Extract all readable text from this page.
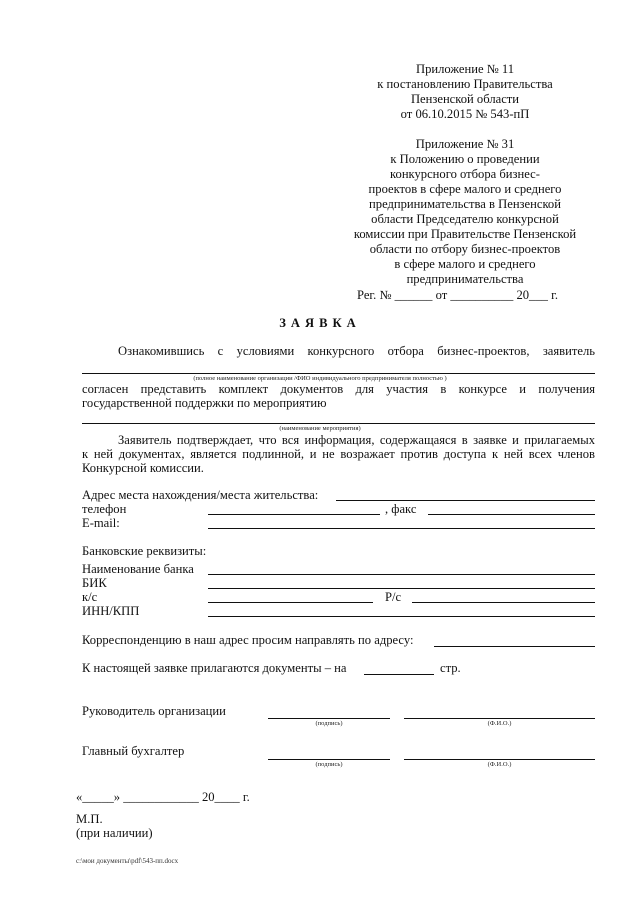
Приложение № 11
к постановлению Правительства
Пензенской области
от 06.10.2015 № 543-пП
Приложение № 31
к Положению о проведении
конкурсного отбора бизнес-
проектов в сфере малого и среднего
предпринимательства в Пензенской
области Председателю конкурсной
комиссии при Правительстве Пензенской
области по отбору бизнес-проектов
в сфере малого и среднего
предпринимательства
Рег. № ______ от __________ 20___ г.
ЗАЯВКА
Ознакомившись с условиями конкурсного отбора бизнес-проектов, заявитель
(полное наименование организации /ФИО индивидуального предпринимателя полностью )
согласен представить комплект документов для участия в конкурсе и получения
государственной поддержки по мероприятию
(наименование мероприятия)
Заявитель подтверждает, что вся информация, содержащаяся в заявке и прилагаемых
к ней документах, является подлинной, и не возражает против доступа к ней всех членов
Конкурсной комиссии.
Адрес места нахождения/места жительства:
телефон	, факс
E-mail:
Банковские реквизиты:
Наименование банка
БИК
к/с	Р/с
ИНН/КПП
Корреспонденцию в наш адрес просим направлять по адресу:
К настоящей заявке прилагаются документы – на	стр.
Руководитель организации
(подпись)	(Ф.И.О.)
Главный бухгалтер
(подпись)	(Ф.И.О.)
«_____» ____________ 20____ г.
М.П.
(при наличии)
c:\мои документы\pdf\543-пп.docx
